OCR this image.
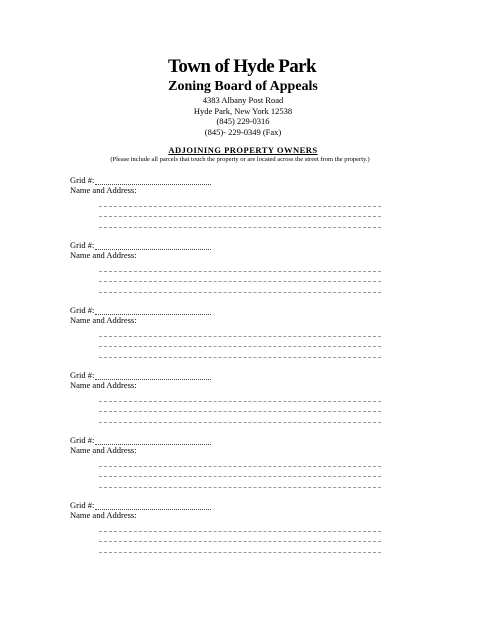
Town of Hyde Park
Zoning Board of Appeals
4383 Albany Post Road
Hyde Park, New York 12538
(845) 229-0316
(845)- 229-0349 (Fax)
ADJOINING PROPERTY OWNERS
(Please include all parcels that touch the property or are located across the street from the property.)
Grid #:
Name and Address:
Grid #:
Name and Address:
Grid #:
Name and Address:
Grid #:
Name and Address:
Grid #:
Name and Address:
Grid #:
Name and Address:
